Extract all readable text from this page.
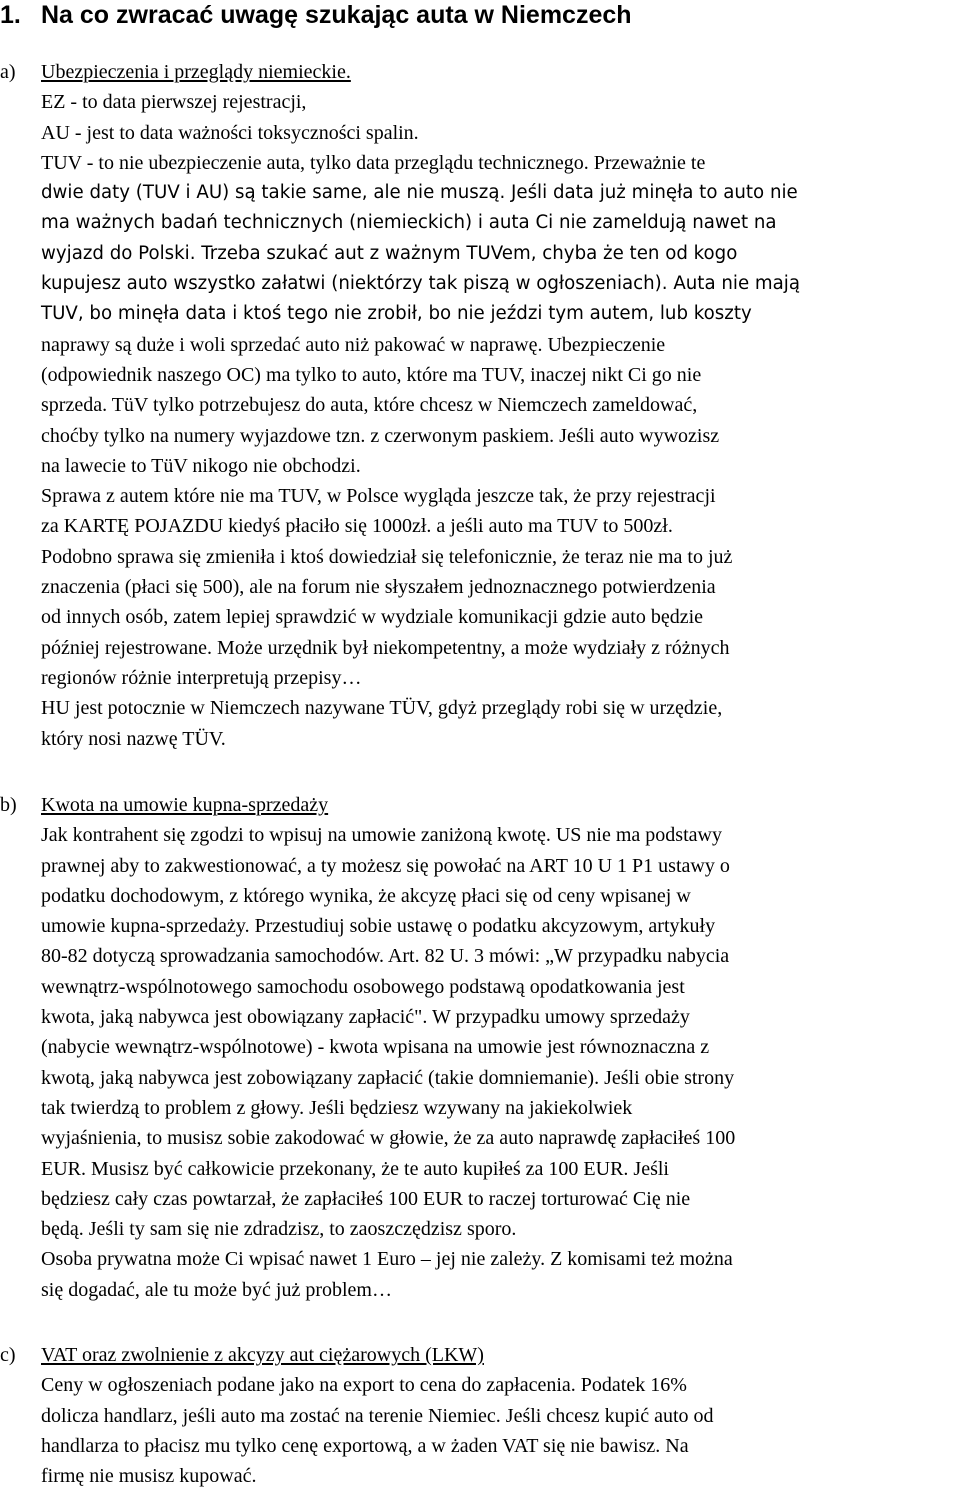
1. Na co zwracać uwagę szukając auta w Niemczech
a)	Ubezpieczenia i przeglądy niemieckie.
EZ - to data pierwszej rejestracji,
AU - jest to data ważności toksyczności spalin.
TUV - to nie ubezpieczenie auta, tylko data przeglądu technicznego. Przeważnie te
dwie daty (TUV i AU) są takie same, ale nie muszą. Jeśli data już minęła to auto nie
ma ważnych badań technicznych (niemieckich) i auta Ci nie zameldują nawet na
wyjazd do Polski. Trzeba szukać aut z ważnym TUVem, chyba że ten od kogo
kupujesz auto wszystko załatwi (niektórzy tak piszą w ogłoszeniach). Auta nie mają
TUV, bo minęła data i ktoś tego nie zrobił, bo nie jeździ tym autem, lub koszty
naprawy są duże i woli sprzedać auto niż pakować w naprawę. Ubezpieczenie
(odpowiednik naszego OC) ma tylko to auto, które ma TUV, inaczej nikt Ci go nie
sprzeda. TüV tylko potrzebujesz do auta, które chcesz w Niemczech zameldować,
choćby tylko na numery wyjazdowe tzn. z czerwonym paskiem. Jeśli auto wywozisz
na lawecie to TüV nikogo nie obchodzi.
Sprawa z autem które nie ma TUV, w Polsce wygląda jeszcze tak, że przy rejestracji
za KARTĘ POJAZDU kiedyś płaciło się 1000zł. a jeśli auto ma TUV to 500zł.
Podobno sprawa się zmieniła i ktoś dowiedział się telefonicznie, że teraz nie ma to już
znaczenia (płaci się 500), ale na forum nie słyszałem jednoznacznego potwierdzenia
od innych osób, zatem lepiej sprawdzić w wydziale komunikacji gdzie auto będzie
później rejestrowane. Może urzędnik był niekompetentny, a może wydziały z różnych
regionów różnie interpretują przepisy…
HU jest potocznie w Niemczech nazywane TÜV, gdyż przeglądy robi się w urzędzie,
który nosi nazwę TÜV.
b)	Kwota na umowie kupna-sprzedaży
Jak kontrahent się zgodzi to wpisuj na umowie zaniżoną kwotę. US nie ma podstawy
prawnej aby to zakwestionować, a ty możesz się powołać na ART 10 U 1 P1 ustawy o
podatku dochodowym, z którego wynika, że akcyzę płaci się od ceny wpisanej w
umowie kupna-sprzedaży. Przestudiuj sobie ustawę o podatku akcyzowym, artykuły
80-82 dotyczą sprowadzania samochodów. Art. 82 U. 3 mówi: „W przypadku nabycia
wewnątrz-wspólnotowego samochodu osobowego podstawą opodatkowania jest
kwota, jaką nabywca jest obowiązany zapłacić". W przypadku umowy sprzedaży
(nabycie wewnątrz-wspólnotowe) - kwota wpisana na umowie jest równoznaczna z
kwotą, jaką nabywca jest zobowiązany zapłacić (takie domniemanie). Jeśli obie strony
tak twierdzą to problem z głowy. Jeśli będziesz wzywany na jakiekolwiek
wyjaśnienia, to musisz sobie zakodować w głowie, że za auto naprawdę zapłaciłeś 100
EUR. Musisz być całkowicie przekonany, że te auto kupiłeś za 100 EUR. Jeśli
będziesz cały czas powtarzał, że zapłaciłeś 100 EUR to raczej torturować Cię nie
będą. Jeśli ty sam się nie zdradzisz, to zaoszczędzisz sporo.
Osoba prywatna może Ci wpisać nawet 1 Euro – jej nie zależy. Z komisami też można
się dogadać, ale tu może być już problem…
c)	VAT oraz zwolnienie z akcyzy aut ciężarowych (LKW)
Ceny w ogłoszeniach podane jako na export to cena do zapłacenia. Podatek 16%
dolicza handlarz, jeśli auto ma zostać na terenie Niemiec. Jeśli chcesz kupić auto od
handlarza to płacisz mu tylko cenę exportową, a w żaden VAT się nie bawisz. Na
firmę nie musisz kupować.
